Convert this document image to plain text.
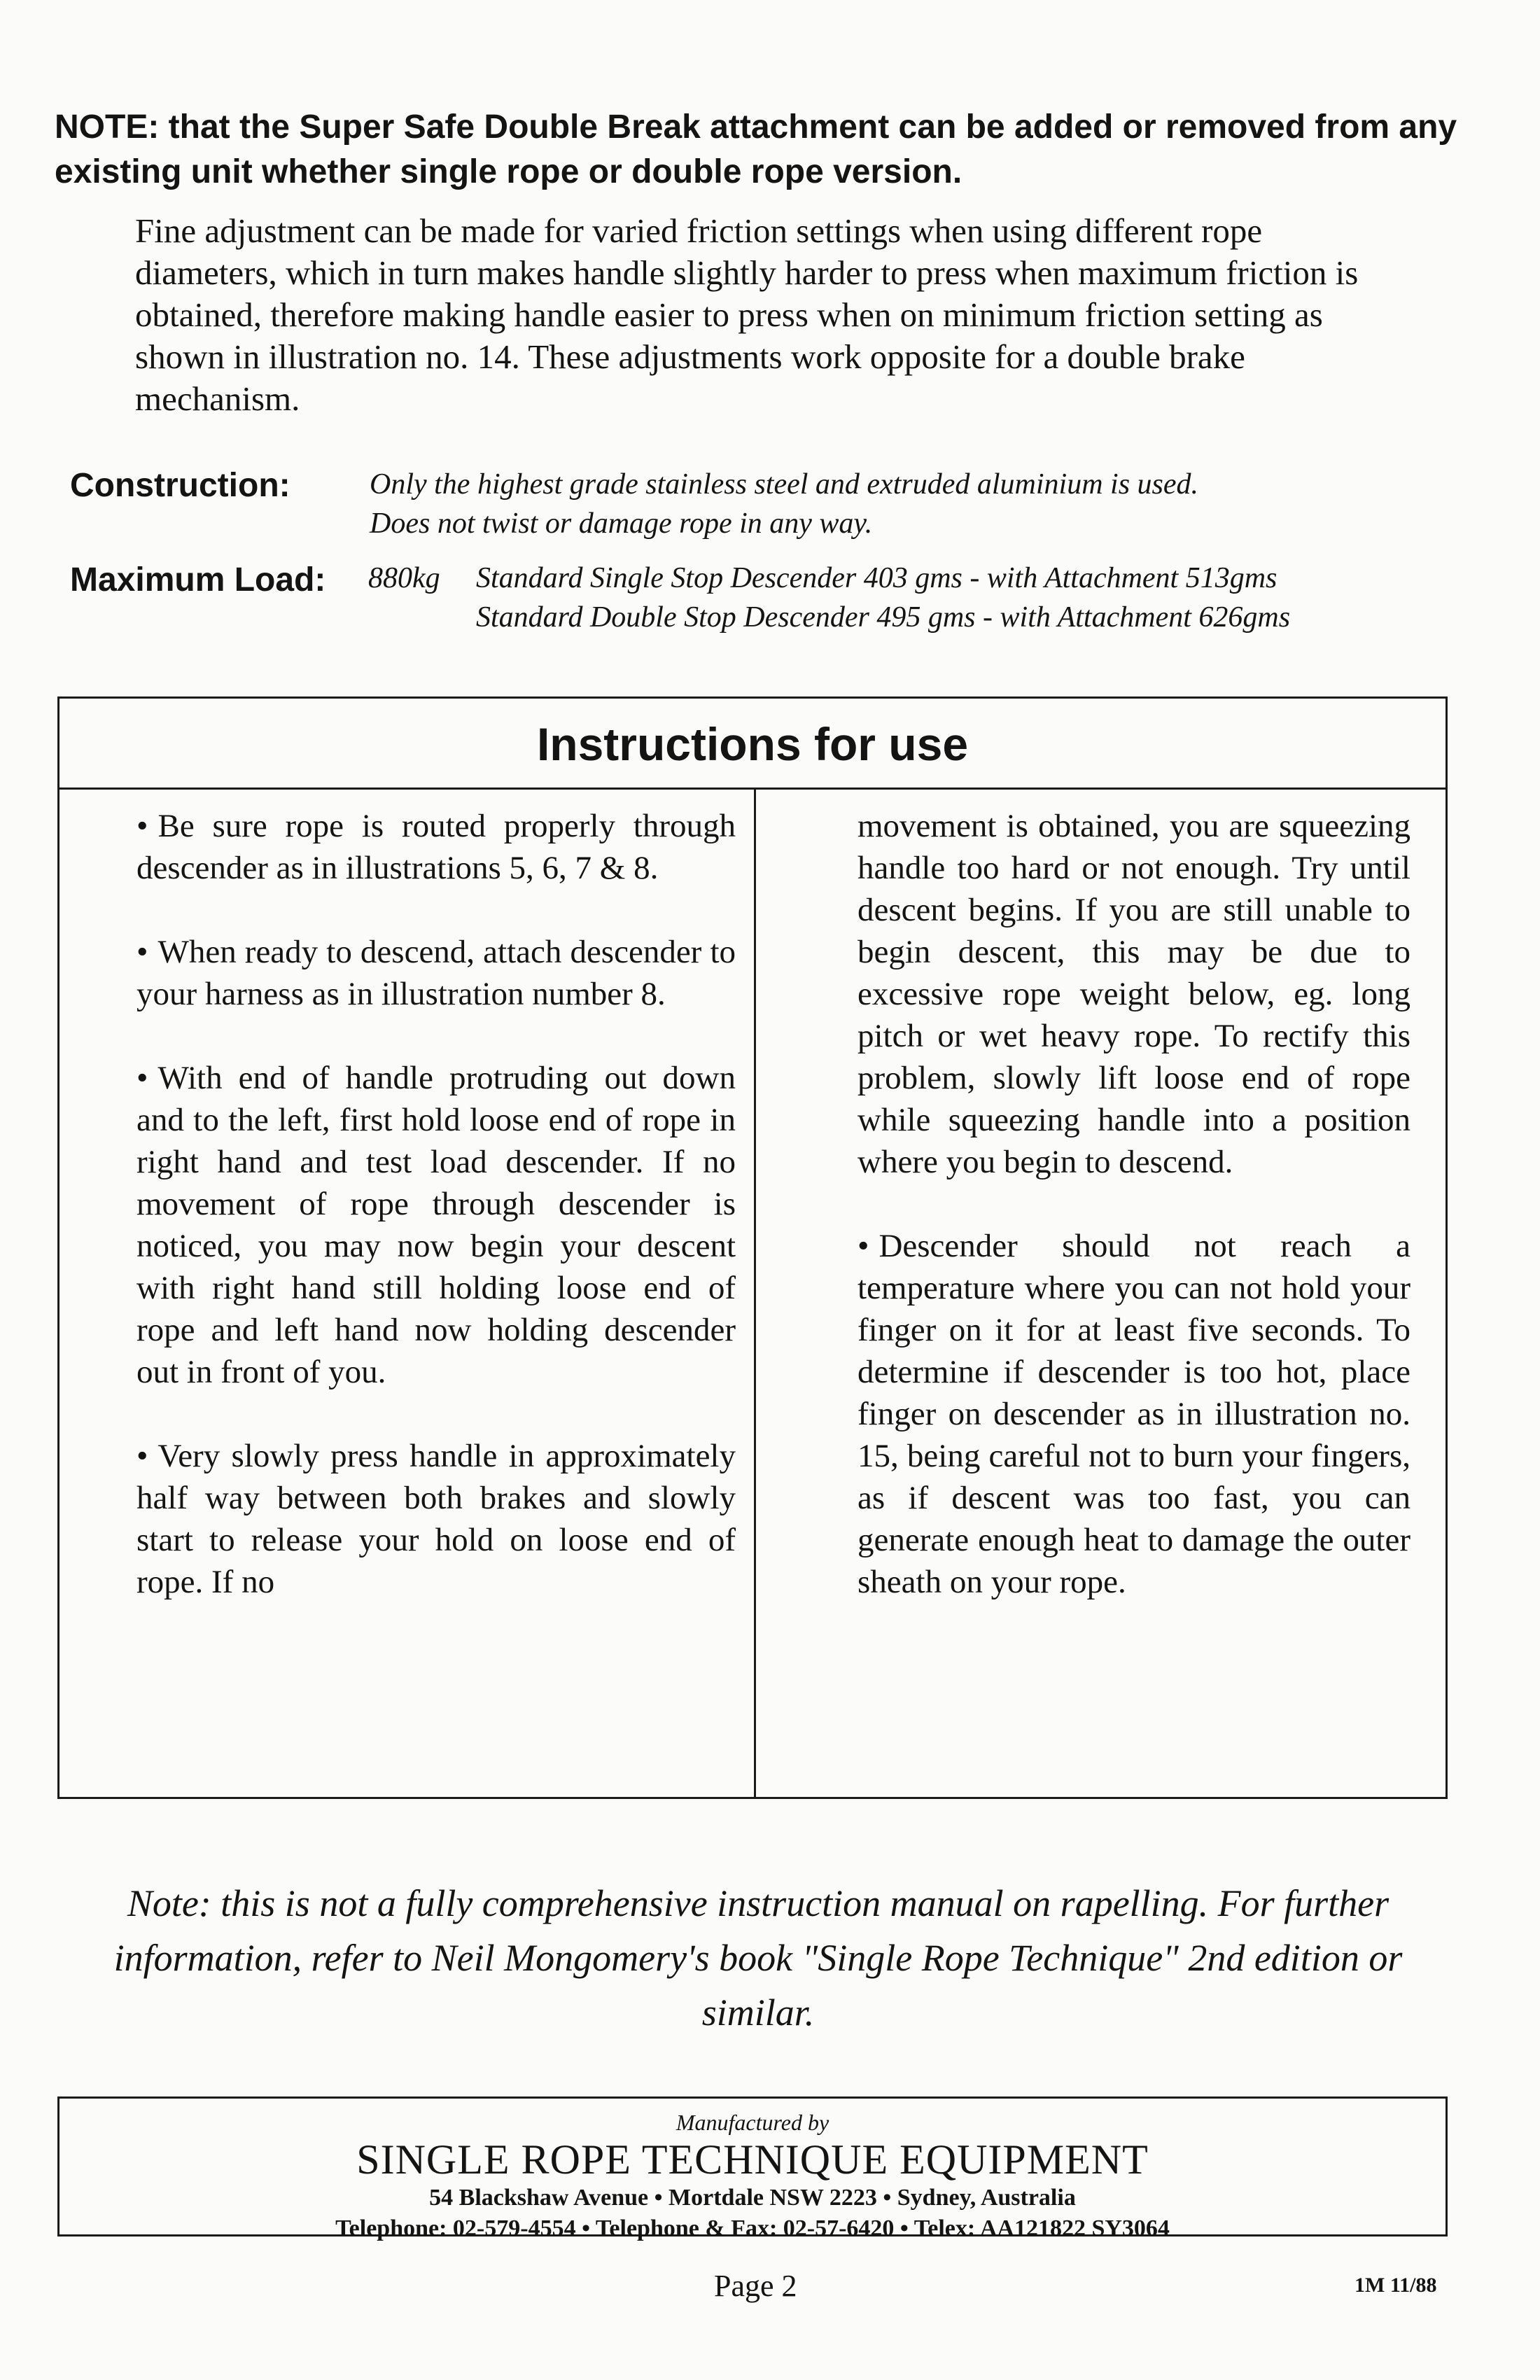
NOTE: that the Super Safe Double Break attachment can be added or removed from any existing unit whether single rope or double rope version.

Fine adjustment can be made for varied friction settings when using different rope diameters, which in turn makes handle slightly harder to press when maximum friction is obtained, therefore making handle easier to press when on minimum friction setting as shown in illustration no. 14. These adjustments work opposite for a double brake mechanism.

Construction:	Only the highest grade stainless steel and extruded aluminium is used.
Does not twist or damage rope in any way.
Maximum Load: 880kg Standard Single Stop Descender 403 gms - with Attachment 513gms
Standard Double Stop Descender 495 gms - with Attachment 626gms
Instructions for use

• Be sure rope is routed properly through descender as in illustrations 5, 6, 7 & 8.

• When ready to descend, attach descender to your harness as in illustration number 8.

• With end of handle protruding out down and to the left, first hold loose end of rope in right hand and test load descender. If no movement of rope through descender is noticed, you may now begin your descent with right hand still holding loose end of rope and left hand now holding descender out in front of you.

• Very slowly press handle in approximately half way between both brakes and slowly start to release your hold on loose end of rope. If no

movement is obtained, you are squeezing handle too hard or not enough. Try until descent begins. If you are still unable to begin descent, this may be due to excessive rope weight below, eg. long pitch or wet heavy rope. To rectify this problem, slowly lift loose end of rope while squeezing handle into a position where you begin to descend.

• Descender should not reach a temperature where you can not hold your finger on it for at least five seconds. To determine if descender is too hot, place finger on descender as in illustration no. 15, being careful not to burn your fingers, as if descent was too fast, you can generate enough heat to damage the outer sheath on your rope.

Note: this is not a fully comprehensive instruction manual on rapelling. For further information, refer to Neil Mongomery's book "Single Rope Technique" 2nd edition or similar.

Manufactured by
SINGLE ROPE TECHNIQUE EQUIPMENT
54 Blackshaw Avenue • Mortdale NSW 2223 • Sydney, Australia
Telephone: 02-579-4554 • Telephone & Fax: 02-57-6420 • Telex: AA121822 SY3064
Page 2	1M 11/88
